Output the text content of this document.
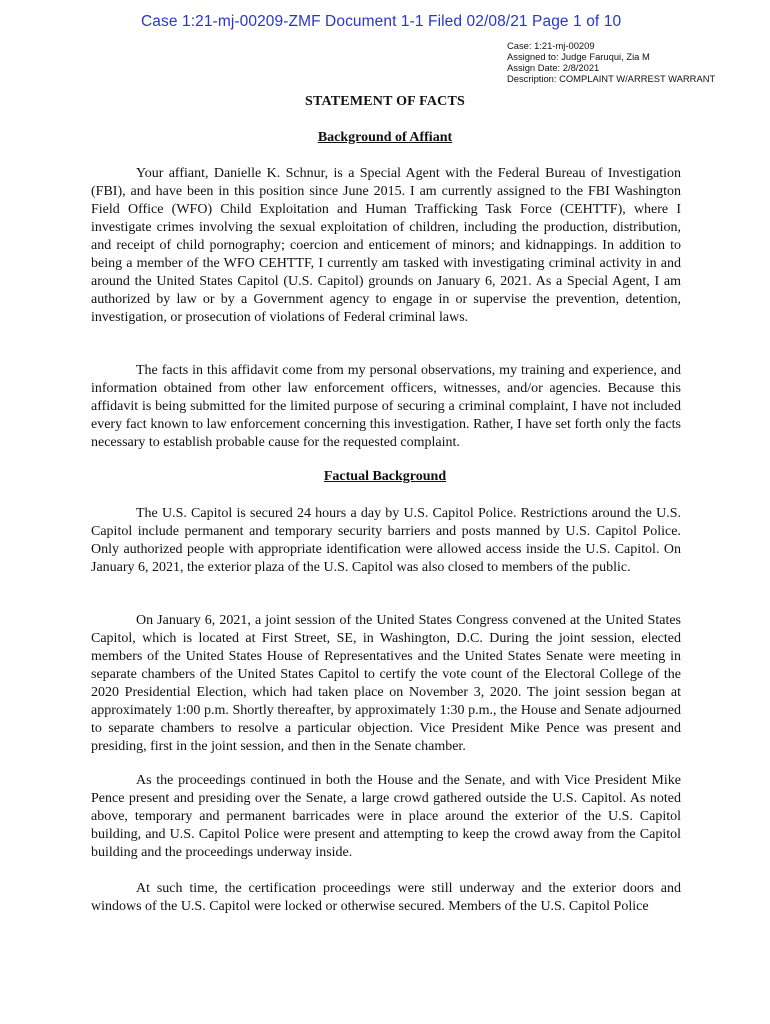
Case 1:21-mj-00209-ZMF Document 1-1 Filed 02/08/21 Page 1 of 10
Case: 1:21-mj-00209
Assigned to: Judge Faruqui, Zia M
Assign Date: 2/8/2021
Description: COMPLAINT W/ARREST WARRANT
STATEMENT OF FACTS
Background of Affiant

Your affiant, Danielle K. Schnur, is a Special Agent with the Federal Bureau of Investigation (FBI), and have been in this position since June 2015. I am currently assigned to the FBI Washington Field Office (WFO) Child Exploitation and Human Trafficking Task Force (CEHTTF), where I investigate crimes involving the sexual exploitation of children, including the production, distribution, and receipt of child pornography; coercion and enticement of minors; and kidnappings. In addition to being a member of the WFO CEHTTF, I currently am tasked with investigating criminal activity in and around the United States Capitol (U.S. Capitol) grounds on January 6, 2021. As a Special Agent, I am authorized by law or by a Government agency to engage in or supervise the prevention, detention, investigation, or prosecution of violations of Federal criminal laws.

The facts in this affidavit come from my personal observations, my training and experience, and information obtained from other law enforcement officers, witnesses, and/or agencies. Because this affidavit is being submitted for the limited purpose of securing a criminal complaint, I have not included every fact known to law enforcement concerning this investigation. Rather, I have set forth only the facts necessary to establish probable cause for the requested complaint.

Factual Background

The U.S. Capitol is secured 24 hours a day by U.S. Capitol Police. Restrictions around the U.S. Capitol include permanent and temporary security barriers and posts manned by U.S. Capitol Police. Only authorized people with appropriate identification were allowed access inside the U.S. Capitol. On January 6, 2021, the exterior plaza of the U.S. Capitol was also closed to members of the public.

On January 6, 2021, a joint session of the United States Congress convened at the United States Capitol, which is located at First Street, SE, in Washington, D.C. During the joint session, elected members of the United States House of Representatives and the United States Senate were meeting in separate chambers of the United States Capitol to certify the vote count of the Electoral College of the 2020 Presidential Election, which had taken place on November 3, 2020. The joint session began at approximately 1:00 p.m. Shortly thereafter, by approximately 1:30 p.m., the House and Senate adjourned to separate chambers to resolve a particular objection. Vice President Mike Pence was present and presiding, first in the joint session, and then in the Senate chamber.

As the proceedings continued in both the House and the Senate, and with Vice President Mike Pence present and presiding over the Senate, a large crowd gathered outside the U.S. Capitol. As noted above, temporary and permanent barricades were in place around the exterior of the U.S. Capitol building, and U.S. Capitol Police were present and attempting to keep the crowd away from the Capitol building and the proceedings underway inside.

At such time, the certification proceedings were still underway and the exterior doors and windows of the U.S. Capitol were locked or otherwise secured. Members of the U.S. Capitol Police
